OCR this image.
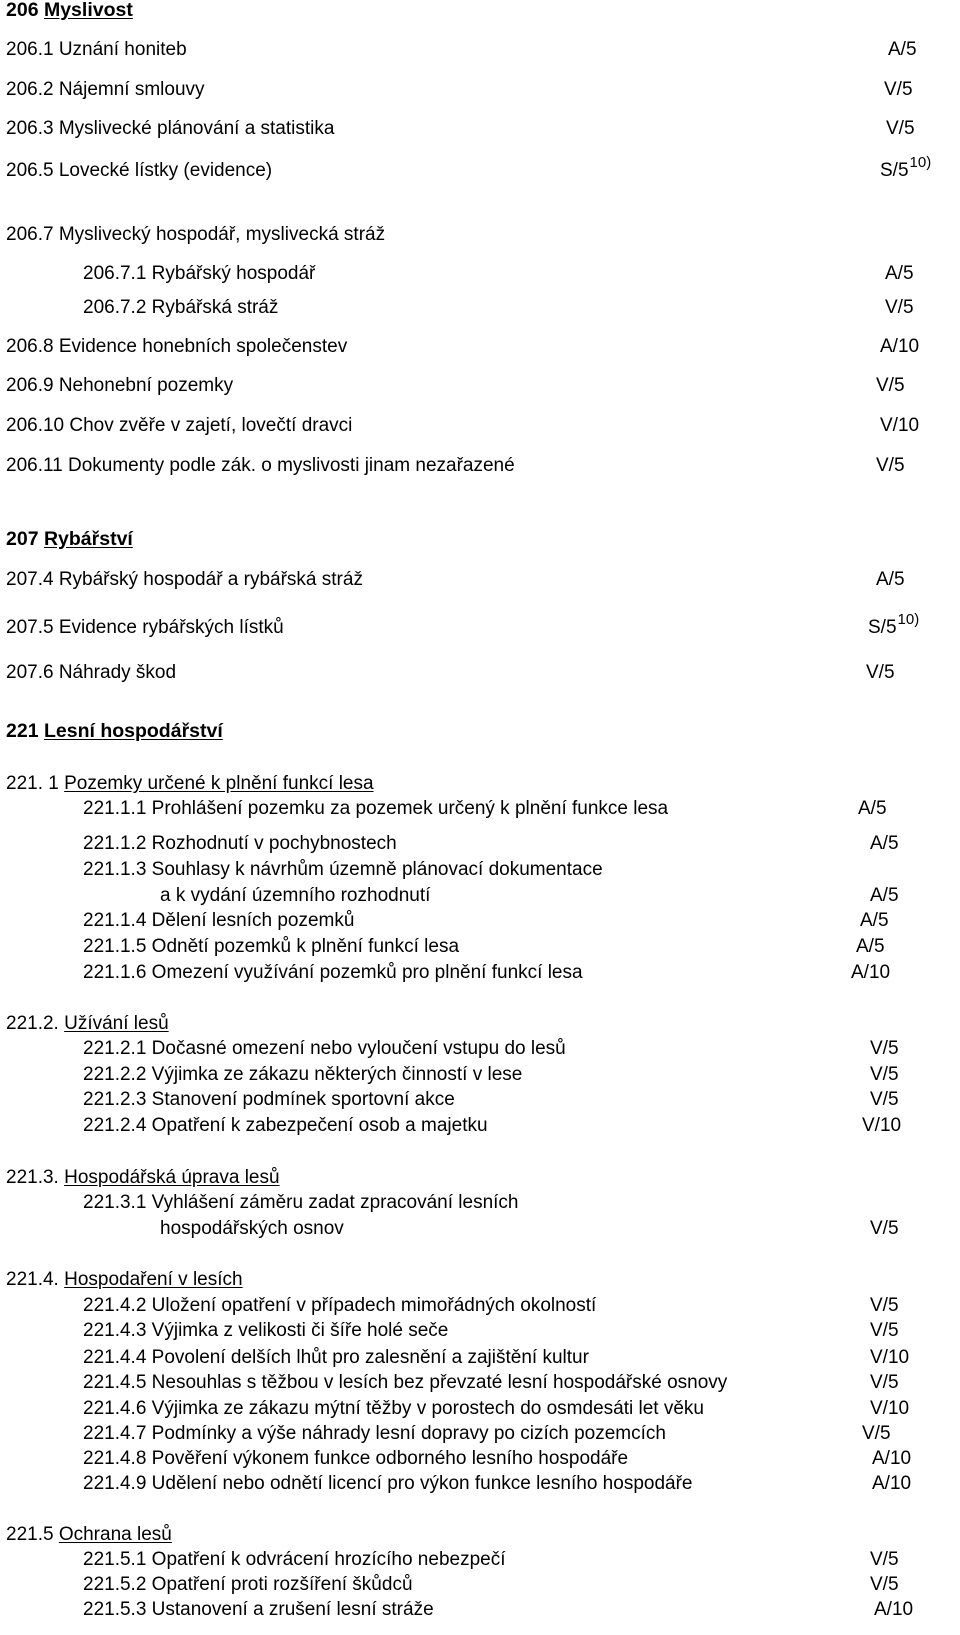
206 Myslivost
206.1 Uznání honiteb	A/5
206.2 Nájemní smlouvy	V/5
206.3 Myslivecké plánování a statistika	V/5
206.5 Lovecké lístky (evidence)	S/5$^{10)}$
206.7 Myslivecký hospodář, myslivecká stráž
206.7.1 Rybářský hospodář	A/5
206.7.2 Rybářská stráž	V/5
206.8 Evidence honebních společenstev	A/10
206.9 Nehonební pozemky	V/5
206.10 Chov zvěře v zajetí, lovečtí dravci	V/10
206.11 Dokumenty podle zák. o myslivosti jinam nezařazené	V/5
207 Rybářství
207.4 Rybářský hospodář a rybářská stráž	A/5
207.5 Evidence rybářských lístků	S/5$^{10)}$
207.6 Náhrady škod	V/5
221 Lesní hospodářství
221. 1 Pozemky určené k plnění funkcí lesa
221.1.1 Prohlášení pozemku za pozemek určený k plnění funkce lesa	A/5
221.1.2 Rozhodnutí v pochybnostech	A/5
221.1.3 Souhlasy k návrhům územně plánovací dokumentace
a k vydání územního rozhodnutí	A/5
221.1.4 Dělení lesních pozemků	A/5
221.1.5 Odnětí pozemků k plnění funkcí lesa	A/5
221.1.6 Omezení využívání pozemků pro plnění funkcí lesa	A/10
221.2. Užívání lesů
221.2.1 Dočasné omezení nebo vyloučení vstupu do lesů	V/5
221.2.2 Výjimka ze zákazu některých činností v lese	V/5
221.2.3 Stanovení podmínek sportovní akce	V/5
221.2.4 Opatření k zabezpečení osob a majetku	V/10
221.3. Hospodářská úprava lesů
221.3.1 Vyhlášení záměru zadat zpracování lesních
hospodářských osnov	V/5
221.4. Hospodaření v lesích
221.4.2 Uložení opatření v případech mimořádných okolností	V/5
221.4.3 Výjimka z velikosti či šíře holé seče	V/5
221.4.4 Povolení delších lhůt pro zalesnění a zajištění kultur	V/10
221.4.5 Nesouhlas s těžbou v lesích bez převzaté lesní hospodářské osnovy	V/5
221.4.6 Výjimka ze zákazu mýtní těžby v porostech do osmdesáti let věku	V/10
221.4.7 Podmínky a výše náhrady lesní dopravy po cizích pozemcích	V/5
221.4.8 Pověření výkonem funkce odborného lesního hospodáře	A/10
221.4.9 Udělení nebo odnětí licencí pro výkon funkce lesního hospodáře	A/10
221.5 Ochrana lesů
221.5.1 Opatření k odvrácení hrozícího nebezpečí	V/5
221.5.2 Opatření proti rozšíření škůdců	V/5
221.5.3 Ustanovení a zrušení lesní stráže	A/10
